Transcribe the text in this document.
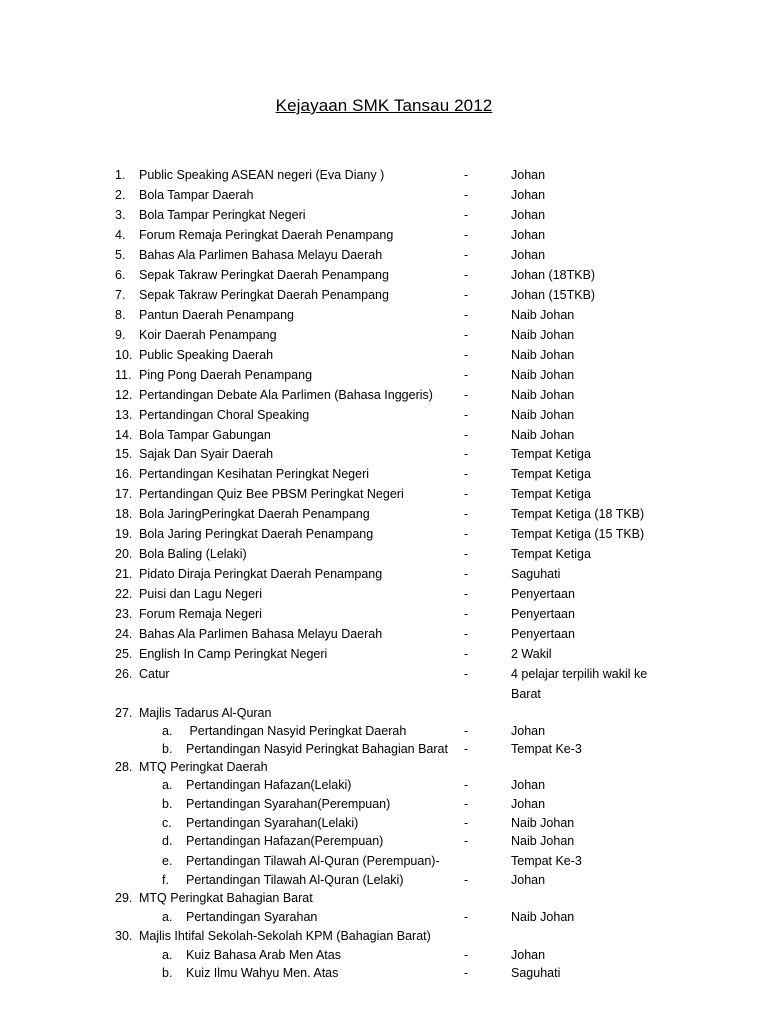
Kejayaan SMK Tansau 2012
1. Public Speaking ASEAN negeri (Eva Diany )	-	Johan
2. Bola Tampar Daerah	-	Johan
3. Bola Tampar Peringkat Negeri	-	Johan
4. Forum Remaja Peringkat Daerah Penampang	-	Johan
5. Bahas Ala Parlimen Bahasa Melayu Daerah	-	Johan
6. Sepak Takraw Peringkat Daerah Penampang	-	Johan (18TKB)
7. Sepak Takraw Peringkat Daerah Penampang	-	Johan (15TKB)
8. Pantun Daerah Penampang	-	Naib Johan
9. Koir Daerah Penampang	-	Naib Johan
10. Public Speaking Daerah	-	Naib Johan
11. Ping Pong Daerah Penampang	-	Naib Johan
12. Pertandingan Debate Ala Parlimen (Bahasa Inggeris) -	Naib Johan
13. Pertandingan Choral Speaking	-	Naib Johan
14. Bola Tampar Gabungan	-	Naib Johan
15. Sajak Dan Syair Daerah	-	Tempat Ketiga
16. Pertandingan Kesihatan Peringkat Negeri	-	Tempat Ketiga
17. Pertandingan Quiz Bee PBSM Peringkat Negeri	-	Tempat Ketiga
18. Bola JaringPeringkat Daerah Penampang	-	Tempat Ketiga (18 TKB)
19. Bola Jaring Peringkat Daerah Penampang	-	Tempat Ketiga (15 TKB)
20. Bola Baling (Lelaki)	-	Tempat Ketiga
21. Pidato Diraja Peringkat Daerah Penampang	-	Saguhati
22. Puisi dan Lagu Negeri	-	Penyertaan
23. Forum Remaja Negeri	-	Penyertaan
24. Bahas Ala Parlimen Bahasa Melayu Daerah	-	Penyertaan
25. English In Camp Peringkat Negeri	-	2 Wakil
26. Catur	-	4 pelajar terpilih wakil ke
Barat
27. Majlis Tadarus Al-Quran
a. Pertandingan Nasyid Peringkat Daerah	-	Johan
b. Pertandingan Nasyid Peringkat Bahagian Barat -	Tempat Ke-3
28. MTQ Peringkat Daerah
a. Pertandingan Hafazan(Lelaki)	-	Johan
b. Pertandingan Syarahan(Perempuan)	-	Johan
c. Pertandingan Syarahan(Lelaki)	-	Naib Johan
d. Pertandingan Hafazan(Perempuan)	-	Naib Johan
e. Pertandingan Tilawah Al-Quran (Perempuan)-	Tempat Ke-3
f. Pertandingan Tilawah Al-Quran (Lelaki)	-	Johan
29. MTQ Peringkat Bahagian Barat
a. Pertandingan Syarahan	-	Naib Johan
30. Majlis Ihtifal Sekolah-Sekolah KPM (Bahagian Barat)
a. Kuiz Bahasa Arab Men Atas	-	Johan
b. Kuiz Ilmu Wahyu Men. Atas	-	Saguhati
